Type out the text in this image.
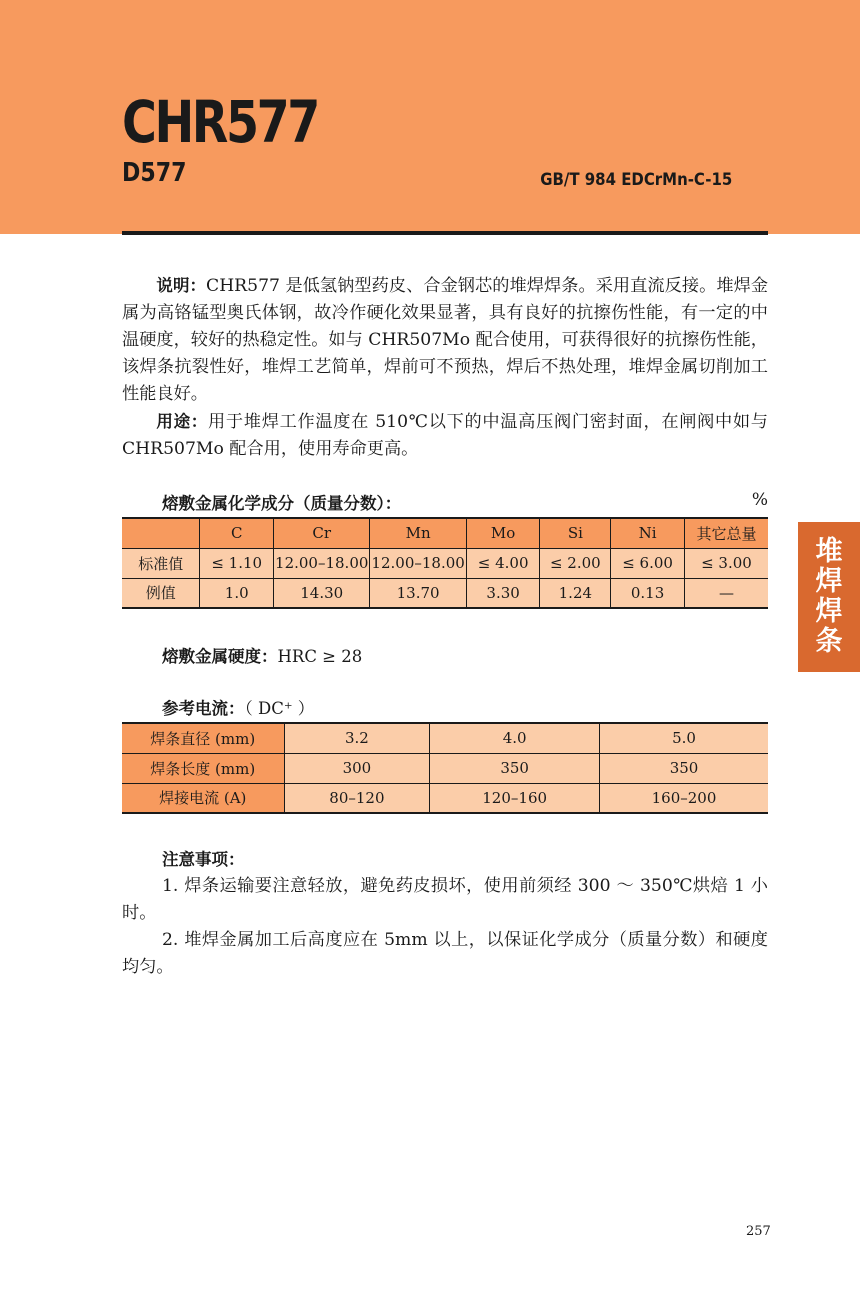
CHR577
D577	GB/T 984 EDCrMn-C-15
堆
焊
焊
条

说明：CHR577 是低氢钠型药皮、合金钢芯的堆焊焊条。采用直流反接。堆焊金属为高铬锰型奥氏体钢，故冷作硬化效果显著，具有良好的抗擦伤性能，有一定的中温硬度，较好的热稳定性。如与 CHR507Mo 配合使用，可获得很好的抗擦伤性能，该焊条抗裂性好，堆焊工艺简单，焊前可不预热，焊后不热处理，堆焊金属切削加工性能良好。

用途：用于堆焊工作温度在 510℃以下的中温高压阀门密封面，在闸阀中如与 CHR507Mo 配合用，使用寿命更高。

熔敷金属化学成分（质量分数）：	%
	C	Cr	Mn	Mo	Si	Ni	其它总量
标准值	≤ 1.10	12.00–18.00	12.00–18.00	≤ 4.00	≤ 2.00	≤ 6.00	≤ 3.00
例值	1.0	14.30	13.70	3.30	1.24	0.13	—
熔敷金属硬度：HRC ≥ 28
参考电流：（ DC⁺ ）
焊条直径 (mm)	3.2	4.0	5.0
焊条长度 (mm)	300	350	350
焊接电流 (A)	80–120	120–160	160–200
注意事项：

1. 焊条运输要注意轻放，避免药皮损坏，使用前须经 300 ～ 350℃烘焙 1 小时。

2. 堆焊金属加工后高度应在 5mm 以上，以保证化学成分（质量分数）和硬度均匀。

257
